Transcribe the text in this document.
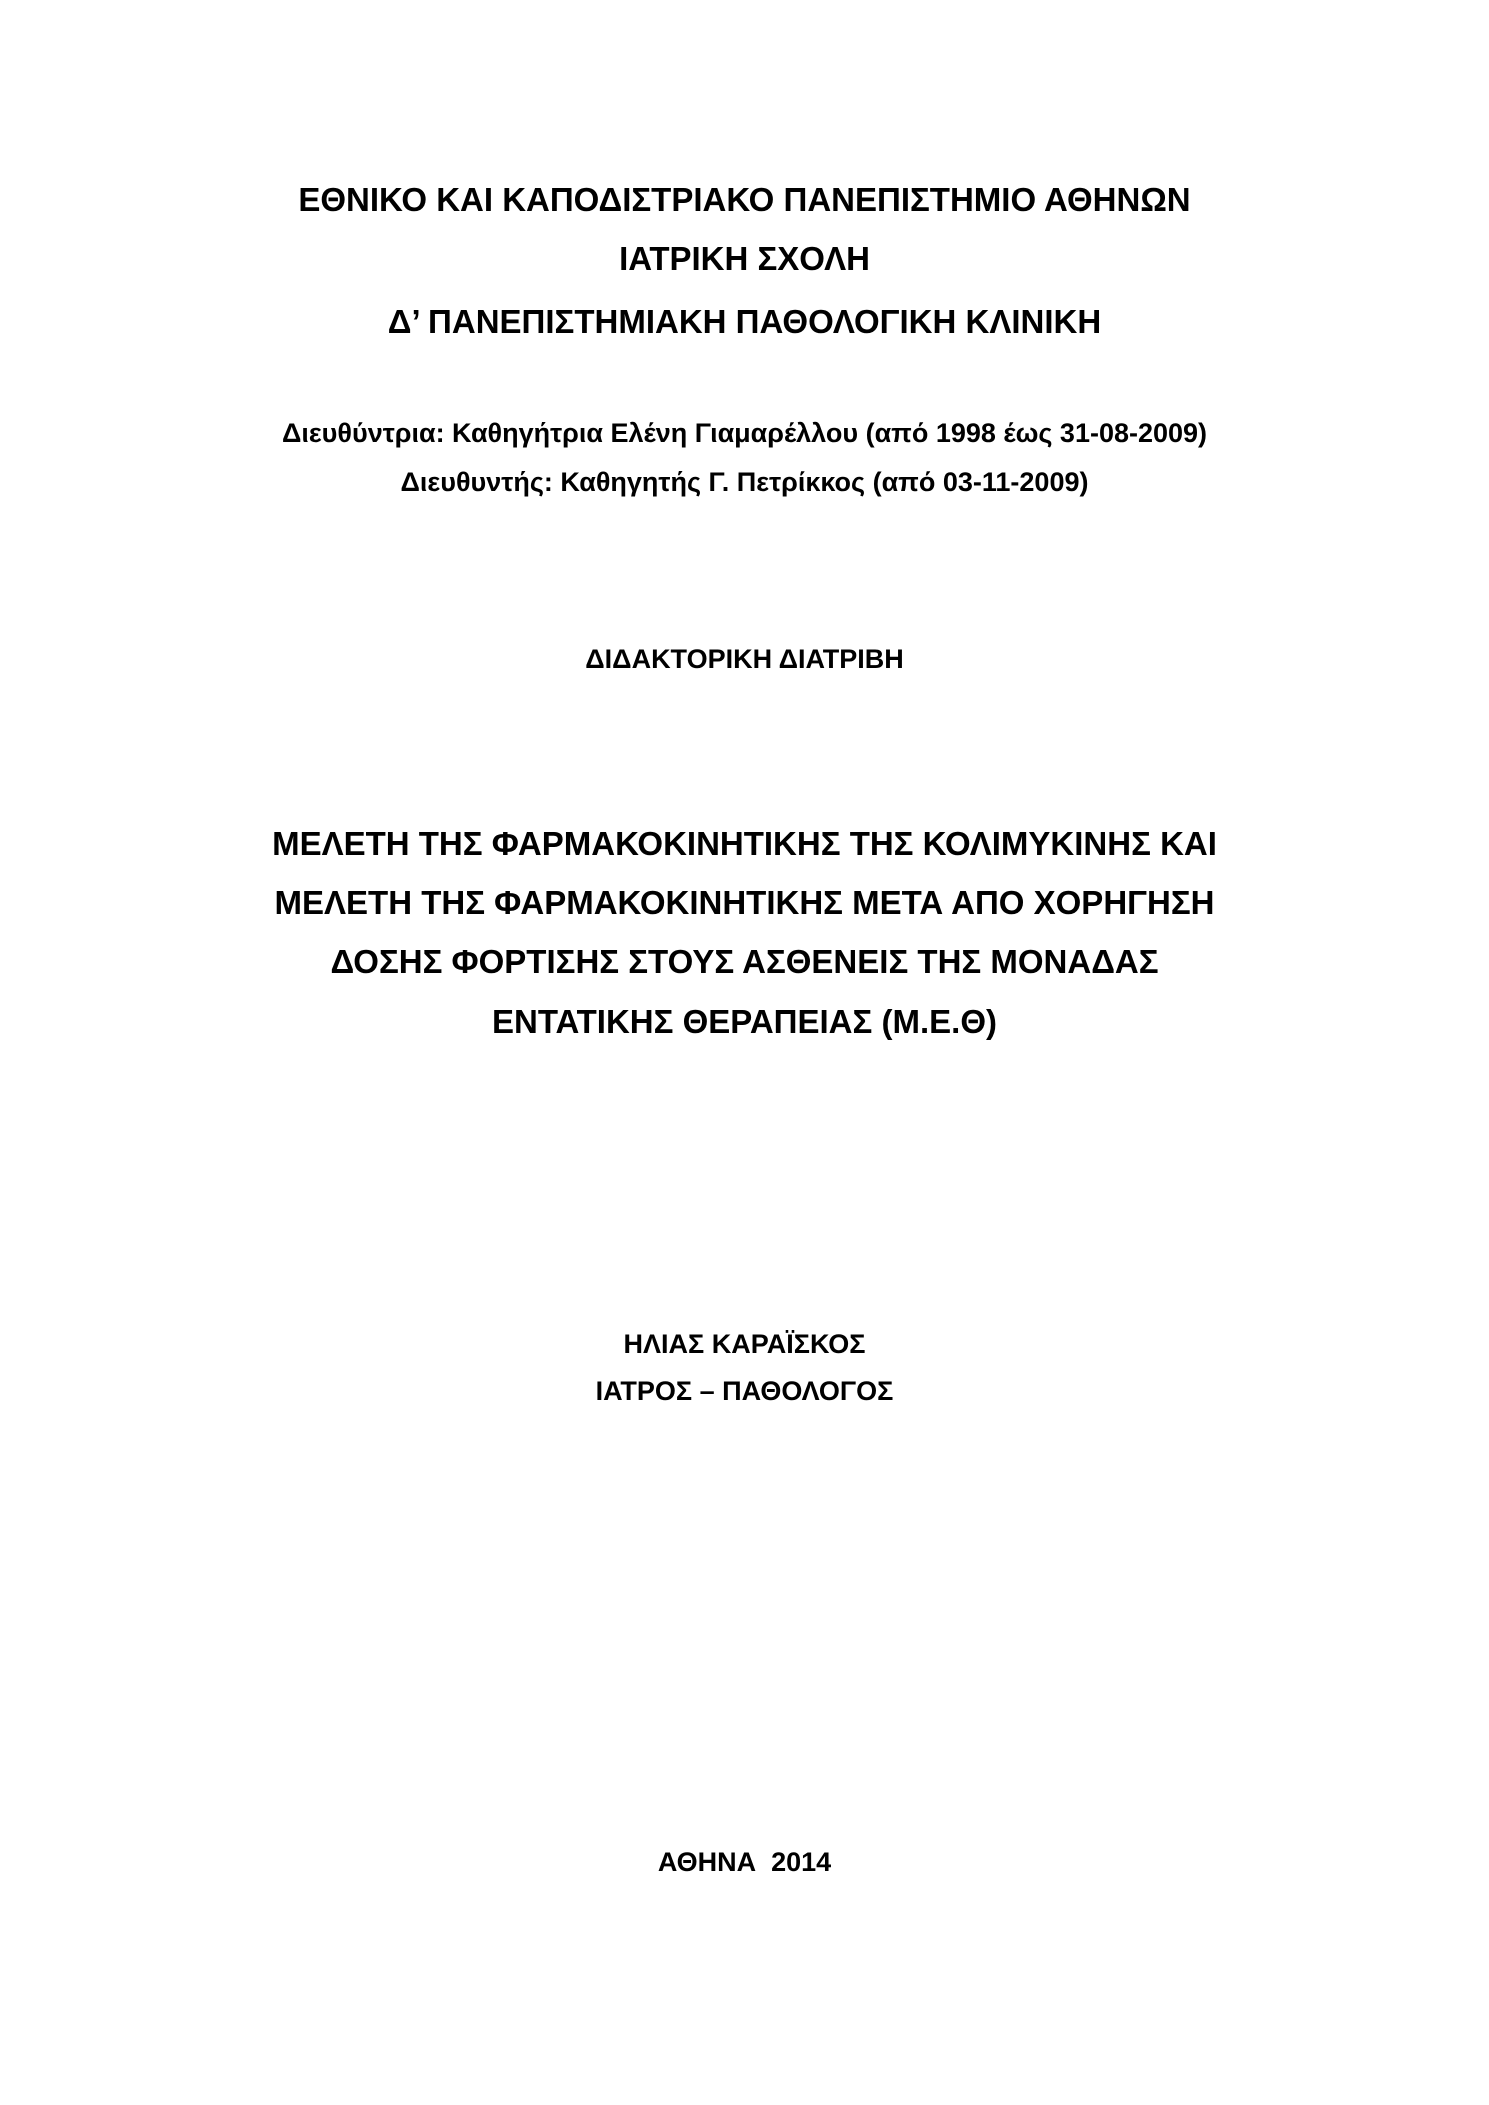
ΕΘΝΙΚΟ ΚΑΙ ΚΑΠΟΔΙΣΤΡΙΑΚΟ ΠΑΝΕΠΙΣΤΗΜΙΟ ΑΘΗΝΩΝ
ΙΑΤΡΙΚΗ ΣΧΟΛΗ
Δ’ ΠΑΝΕΠΙΣΤΗΜΙΑΚΗ ΠΑΘΟΛΟΓΙΚΗ ΚΛΙΝΙΚΗ
Διευθύντρια: Καθηγήτρια Ελένη Γιαμαρέλλου (από 1998 έως 31-08-2009)
Διευθυντής: Καθηγητής Γ. Πετρίκκος (από 03-11-2009)
ΔΙΔΑΚΤΟΡΙΚΗ ΔΙΑΤΡΙΒΗ
ΜΕΛΕΤΗ ΤΗΣ ΦΑΡΜΑΚΟΚΙΝΗΤΙΚΗΣ ΤΗΣ ΚΟΛΙΜΥΚΙΝΗΣ ΚΑΙ
ΜΕΛΕΤΗ ΤΗΣ ΦΑΡΜΑΚΟΚΙΝΗΤΙΚΗΣ ΜΕΤΑ ΑΠΟ ΧΟΡΗΓΗΣΗ
ΔΟΣΗΣ ΦΟΡΤΙΣΗΣ ΣΤΟΥΣ ΑΣΘΕΝΕΙΣ ΤΗΣ ΜΟΝΑΔΑΣ
ΕΝΤΑΤΙΚΗΣ ΘΕΡΑΠΕΙΑΣ (Μ.Ε.Θ)
ΗΛΙΑΣ ΚΑΡΑΪΣΚΟΣ
ΙΑΤΡΟΣ – ΠΑΘΟΛΟΓΟΣ
ΑΘΗΝΑ  2014
